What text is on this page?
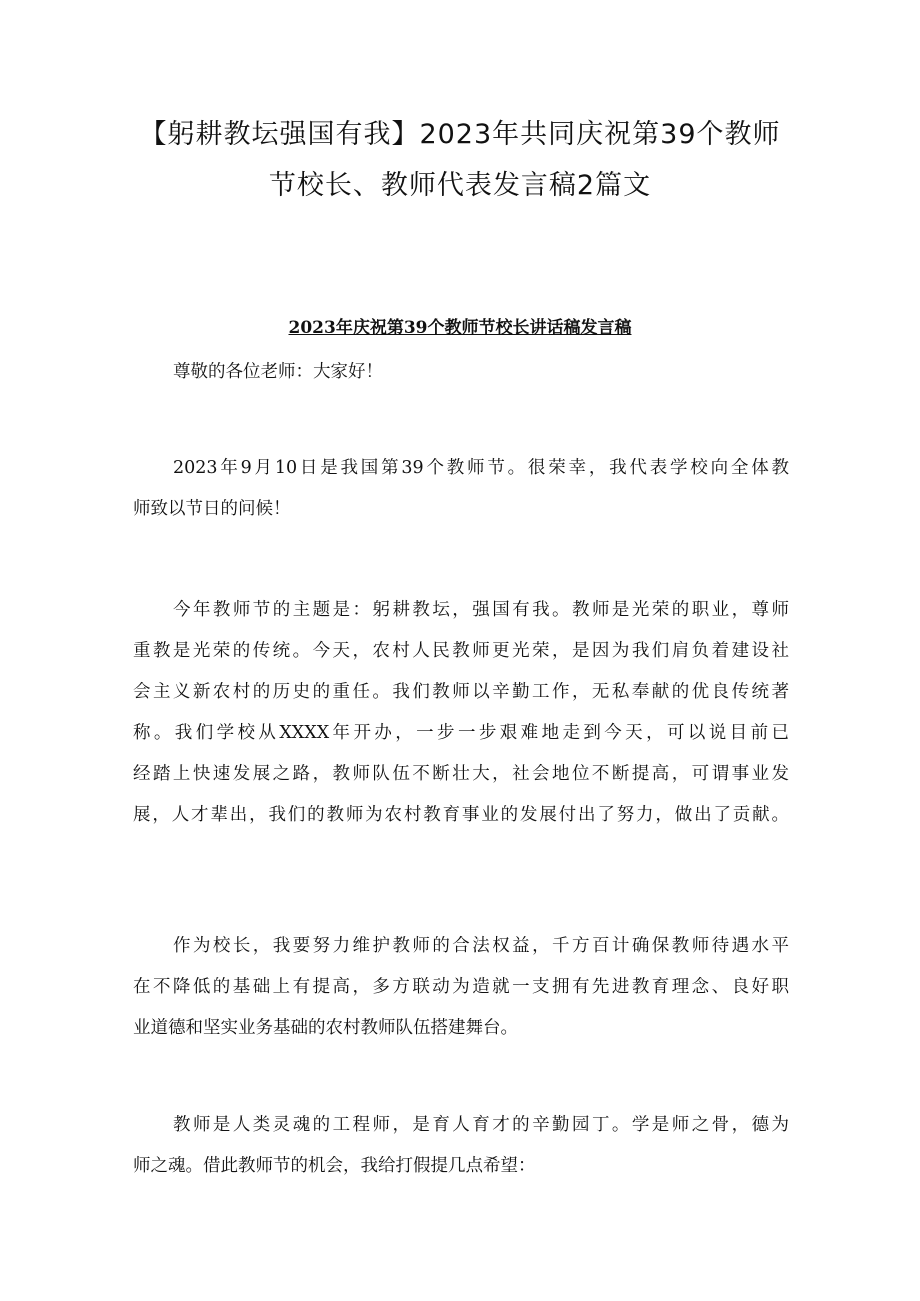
【躬耕教坛强国有我】2023年共同庆祝第39个教师
节校长、教师代表发言稿2篇文
2023年庆祝第39个教师节校长讲话稿发言稿

尊敬的各位老师：大家好！

2023年9月10日是我国第39个教师节。很荣幸，我代表学校向全体教
师致以节日的问候！

今年教师节的主题是：躬耕教坛，强国有我。教师是光荣的职业，尊师
重教是光荣的传统。今天，农村人民教师更光荣，是因为我们肩负着建设社
会主义新农村的历史的重任。我们教师以辛勤工作，无私奉献的优良传统著
称。我们学校从XXXX年开办，一步一步艰难地走到今天，可以说目前已
经踏上快速发展之路，教师队伍不断壮大，社会地位不断提高，可谓事业发
展，人才辈出，我们的教师为农村教育事业的发展付出了努力，做出了贡献。

作为校长，我要努力维护教师的合法权益，千方百计确保教师待遇水平
在不降低的基础上有提高，多方联动为造就一支拥有先进教育理念、良好职
业道德和坚实业务基础的农村教师队伍搭建舞台。

教师是人类灵魂的工程师，是育人育才的辛勤园丁。学是师之骨，德为
师之魂。借此教师节的机会，我给打假提几点希望：
